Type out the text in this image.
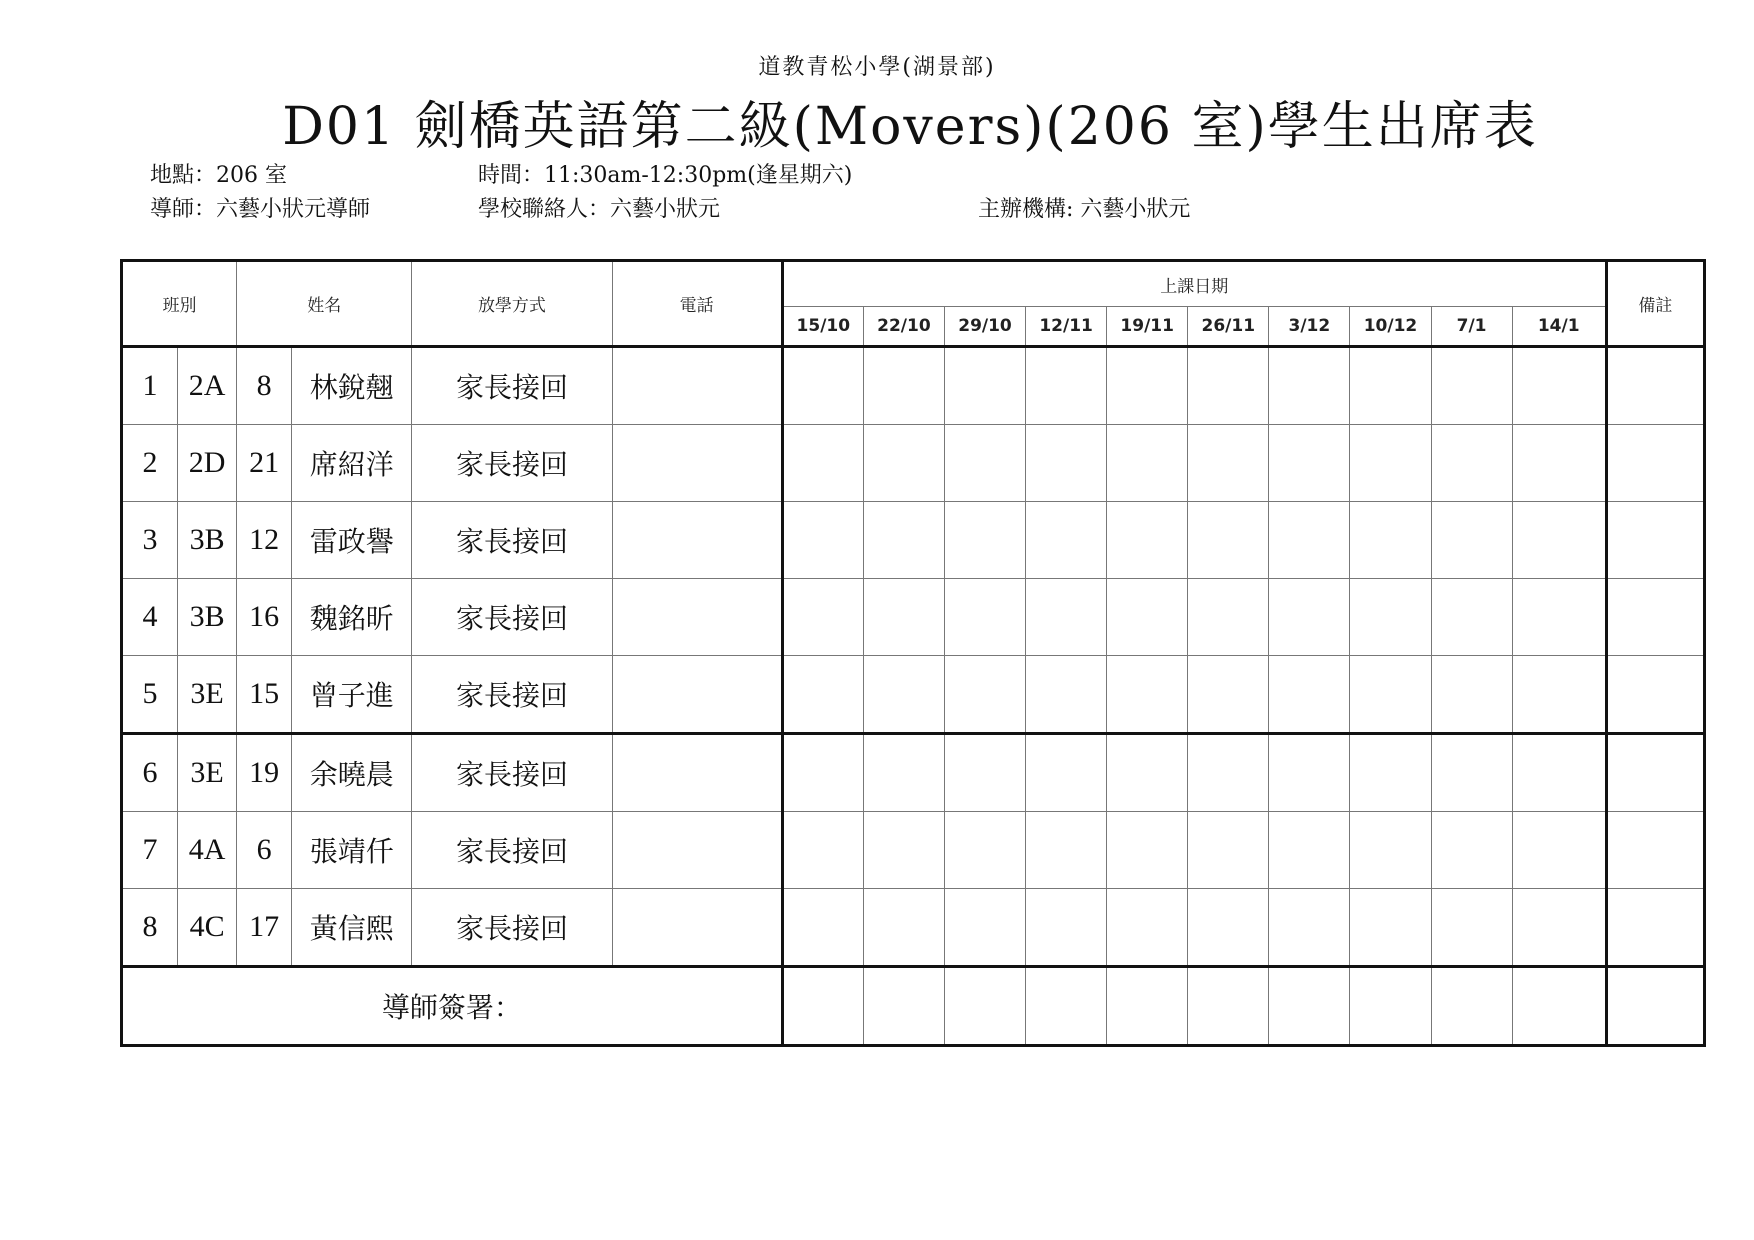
道教青松小學(湖景部)
D01 劍橋英語第二級(Movers)(206 室)學生出席表
地點：206 室	時間：11:30am-12:30pm(逢星期六)
導師：六藝小狀元導師	學校聯絡人：六藝小狀元	主辦機構: 六藝小狀元
班別		姓名		放學方式	電話	上課日期										備註
						15/10	22/10	29/10	12/11	19/11	26/11	3/12	10/12	7/1	14/1	
1	2A	8	林銳翹	家長接回												
2	2D	21	席紹洋	家長接回												
3	3B	12	雷政譽	家長接回												
4	3B	16	魏銘昕	家長接回												
5	3E	15	曾子進	家長接回												
6	3E	19	余曉晨	家長接回												
7	4A	6	張靖仟	家長接回												
8	4C	17	黃信熙	家長接回												
導師簽署：																
